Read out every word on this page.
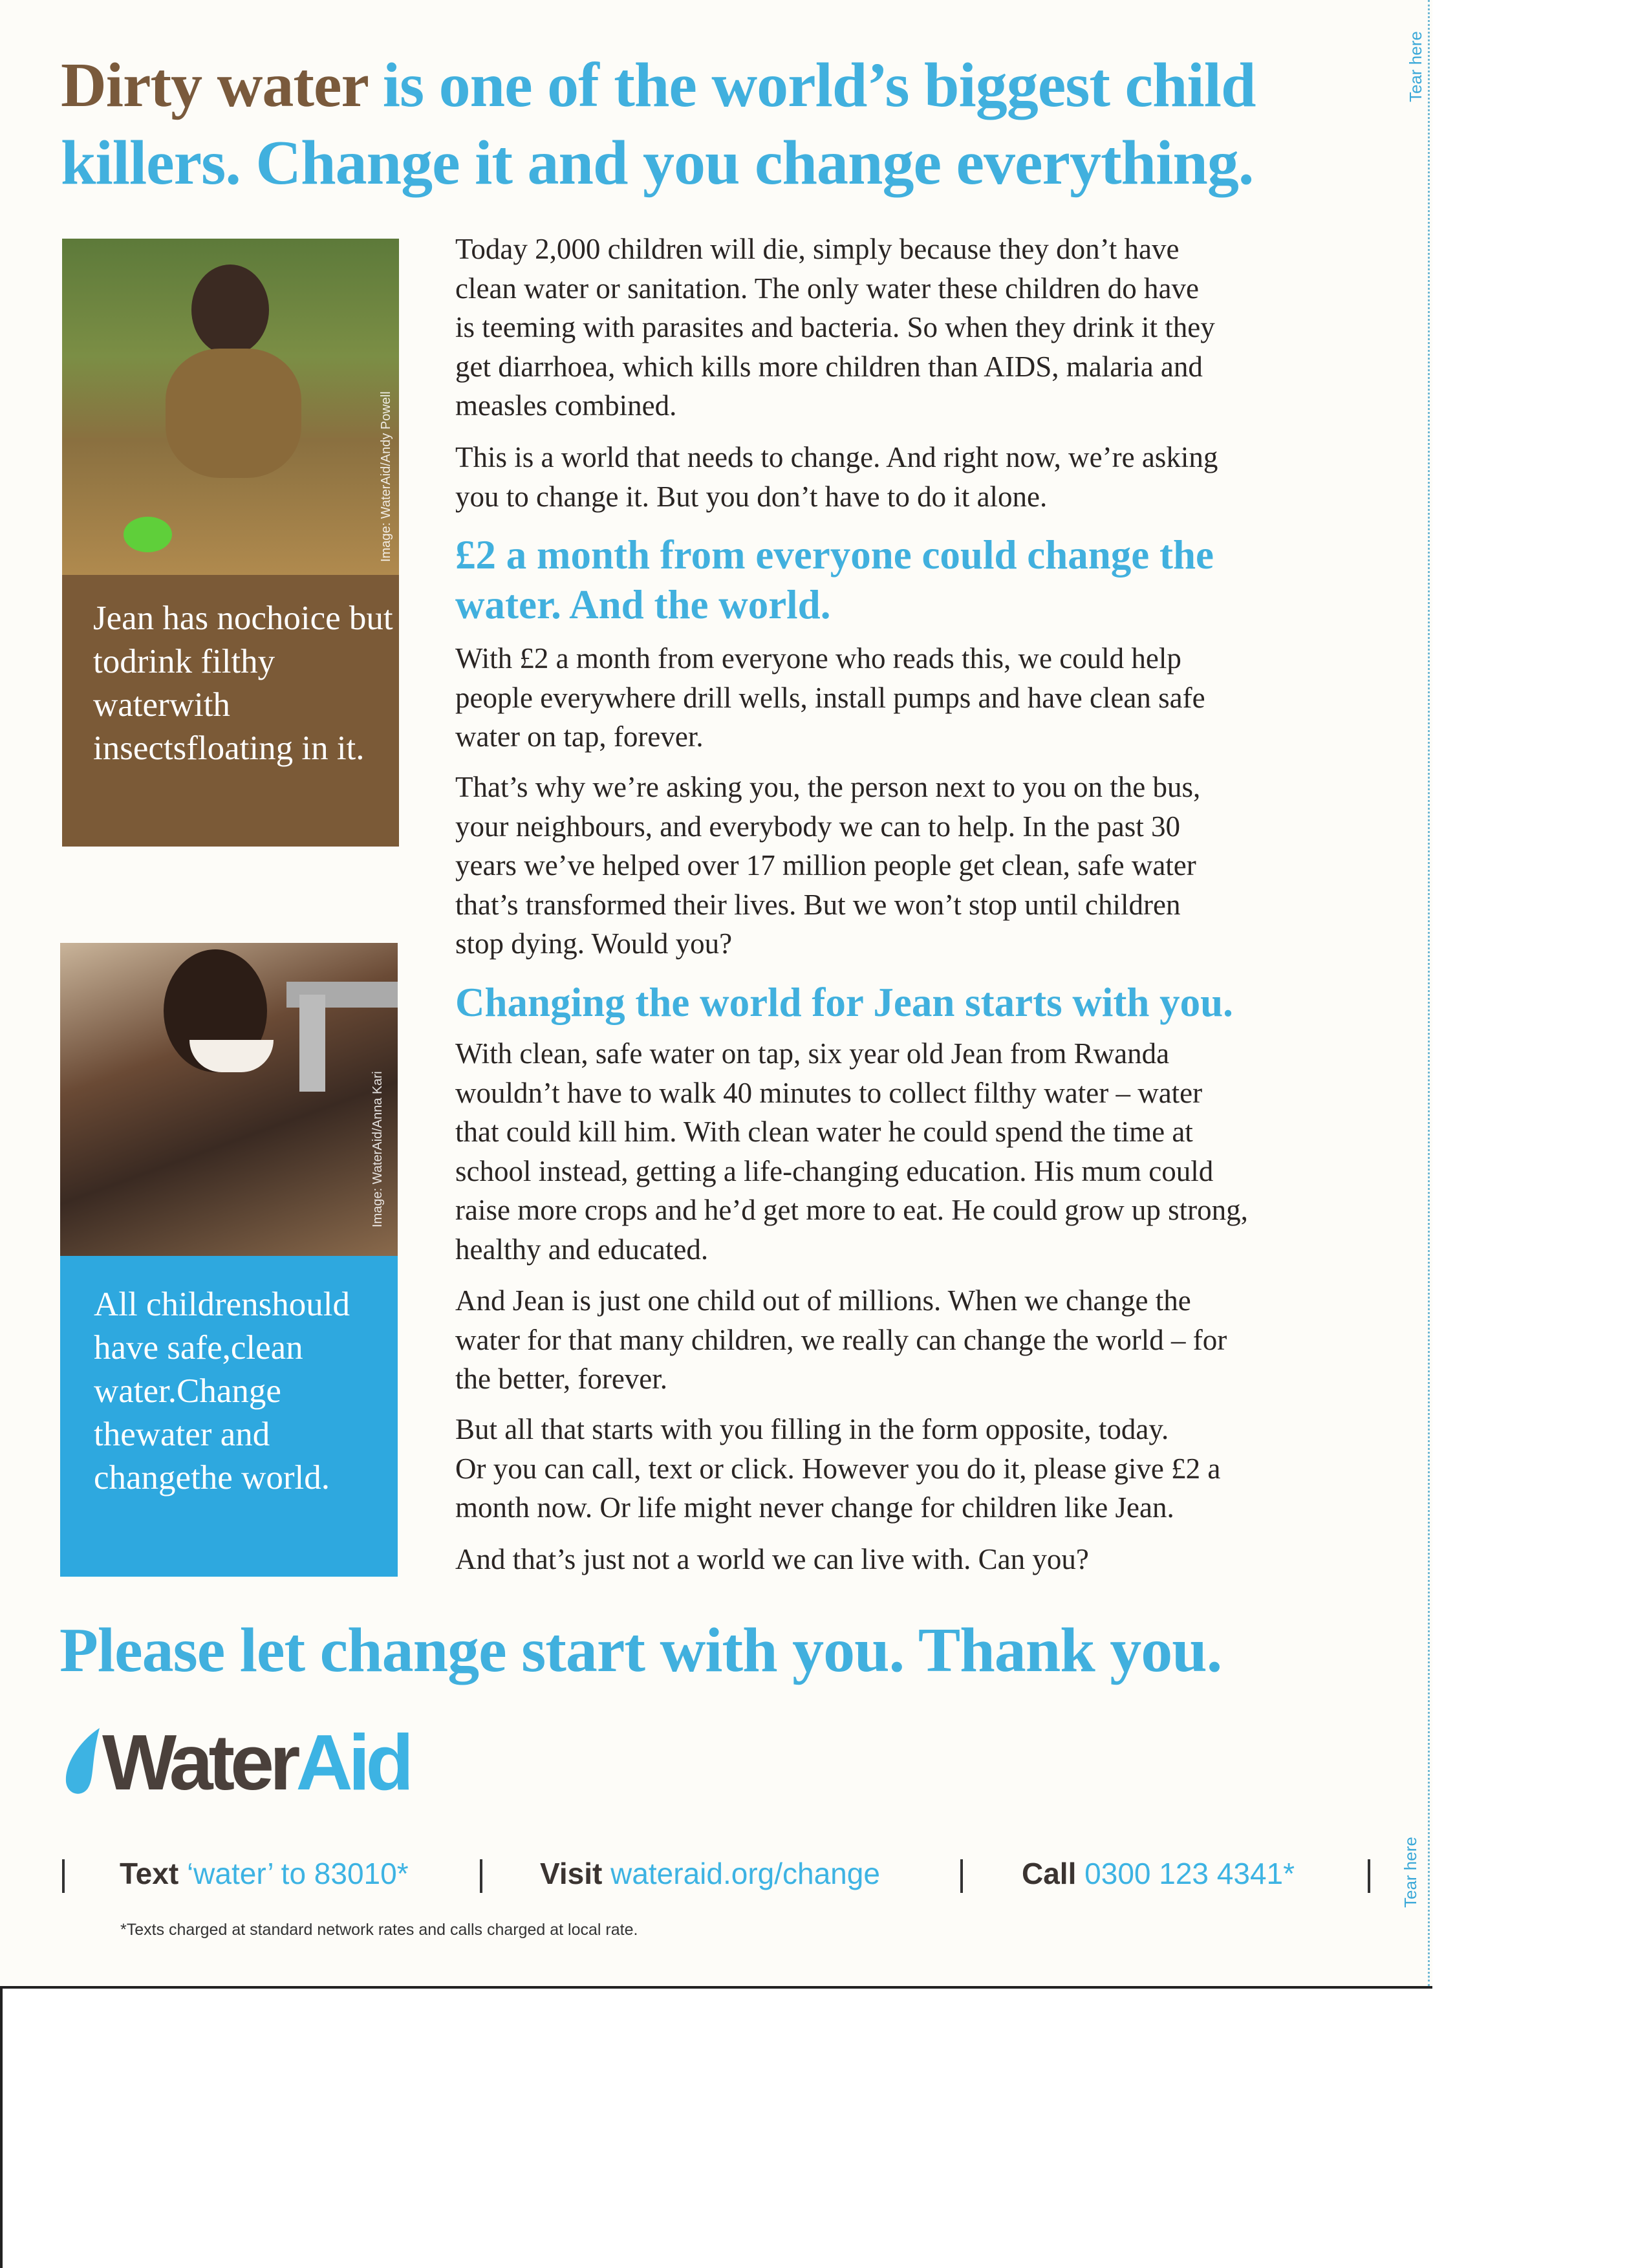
Tear here
Tear here
Dirty water is one of the world’s biggest child
killers. Change it and you change everything.
Image: WaterAid/Andy Powell
Jean has nochoice but todrink filthy waterwith insectsfloating in it.
Image: WaterAid/Anna Kari
All childrenshould have safe,clean water.Change thewater and changethe world.
Today 2,000 children will die, simply because they don’t have
clean water or sanitation. The only water these children do have
is teeming with parasites and bacteria. So when they drink it they
get diarrhoea, which kills more children than AIDS, malaria and
measles combined.
This is a world that needs to change. And right now, we’re asking
you to change it. But you don’t have to do it alone.
£2 a month from everyone could change the
water. And the world.
With £2 a month from everyone who reads this, we could help
people everywhere drill wells, install pumps and have clean safe
water on tap, forever.
That’s why we’re asking you, the person next to you on the bus,
your neighbours, and everybody we can to help. In the past 30
years we’ve helped over 17 million people get clean, safe water
that’s transformed their lives. But we won’t stop until children
stop dying. Would you?
Changing the world for Jean starts with you.
With clean, safe water on tap, six year old Jean from Rwanda
wouldn’t have to walk 40 minutes to collect filthy water – water
that could kill him. With clean water he could spend the time at
school instead, getting a life-changing education. His mum could
raise more crops and he’d get more to eat. He could grow up strong,
healthy and educated.
And Jean is just one child out of millions. When we change the
water for that many children, we really can change the world – for
the better, forever.
But all that starts with you filling in the form opposite, today.
Or you can call, text or click. However you do it, please give £2 a
month now. Or life might never change for children like Jean.
And that’s just not a world we can live with. Can you?
Please let change start with you. Thank you.
Water Aid
Text ‘water’ to 83010*	Visit wateraid.org/change	Call 0300 123 4341*
*Texts charged at standard network rates and calls charged at local rate.
